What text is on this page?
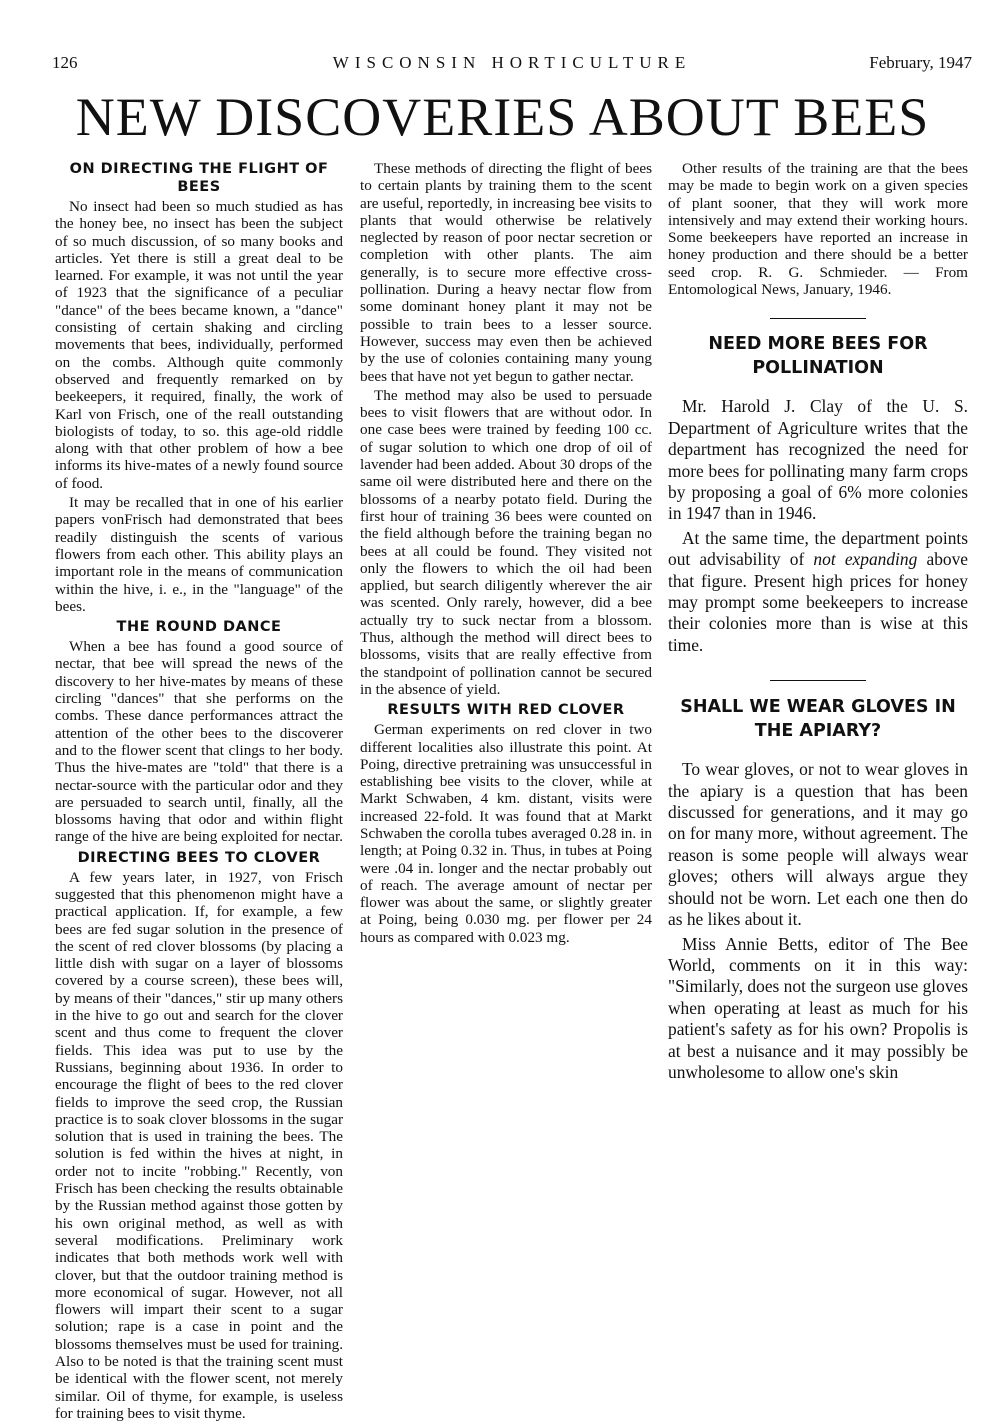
126	WISCONSIN HORTICULTURE	February, 1947
NEW DISCOVERIES ABOUT BEES
ON DIRECTING THE FLIGHT OF BEES

No insect had been so much studied as has the honey bee, no insect has been the subject of so much discussion, of so many books and articles. Yet there is still a great deal to be learned. For example, it was not until the year of 1923 that the significance of a peculiar "dance" of the bees became known, a "dance" consisting of certain shaking and circling movements that bees, individually, performed on the combs. Although quite commonly observed and frequently remarked on by beekeepers, it required, finally, the work of Karl von Frisch, one of the reall outstanding biologists of today, to so. this age-old riddle along with that other problem of how a bee informs its hive-mates of a newly found source of food.

It may be recalled that in one of his earlier papers vonFrisch had demonstrated that bees readily distinguish the scents of various flowers from each other. This ability plays an important role in the means of communication within the hive, i. e., in the "language" of the bees.

THE ROUND DANCE

When a bee has found a good source of nectar, that bee will spread the news of the discovery to her hive-mates by means of these circling "dances" that she performs on the combs. These dance performances attract the attention of the other bees to the discoverer and to the flower scent that clings to her body. Thus the hive-mates are "told" that there is a nectar-source with the particular odor and they are persuaded to search until, finally, all the blossoms having that odor and within flight range of the hive are being exploited for nectar.

DIRECTING BEES TO CLOVER

A few years later, in 1927, von Frisch suggested that this phenomenon might have a practical application. If, for example, a few bees are fed sugar solution in the presence of the scent of red clover blossoms (by placing a little dish with sugar on a layer of blossoms covered by a course screen), these bees will, by means of their "dances," stir up many others in the hive to go out and search for the clover scent and thus come to frequent the clover fields. This idea was put to use by the Russians, beginning about 1936. In order to encourage the flight of bees to the red clover fields to improve the seed crop, the Russian practice is to soak clover blossoms in the sugar solution that is used in training the bees. The solution is fed within the hives at night, in order not to incite "robbing." Recently, von Frisch has been checking the results obtainable by the Russian method against those gotten by his own original method, as well as with several modifications. Preliminary work indicates that both methods work well with clover, but that the outdoor training method is more economical of sugar. However, not all flowers will impart their scent to a sugar solution; rape is a case in point and the blossoms themselves must be used for training. Also to be noted is that the training scent must be identical with the flower scent, not merely similar. Oil of thyme, for example, is useless for training bees to visit thyme.

These methods of directing the flight of bees to certain plants by training them to the scent are useful, reportedly, in increasing bee visits to plants that would otherwise be relatively neglected by reason of poor nectar secretion or completion with other plants. The aim generally, is to secure more effective cross-pollination. During a heavy nectar flow from some dominant honey plant it may not be possible to train bees to a lesser source. However, success may even then be achieved by the use of colonies containing many young bees that have not yet begun to gather nectar.

The method may also be used to persuade bees to visit flowers that are without odor. In one case bees were trained by feeding 100 cc. of sugar solution to which one drop of oil of lavender had been added. About 30 drops of the same oil were distributed here and there on the blossoms of a nearby potato field. During the first hour of training 36 bees were counted on the field although before the training began no bees at all could be found. They visited not only the flowers to which the oil had been applied, but search diligently wherever the air was scented. Only rarely, however, did a bee actually try to suck nectar from a blossom. Thus, although the method will direct bees to blossoms, visits that are really effective from the standpoint of pollination cannot be secured in the absence of yield.

RESULTS WITH RED CLOVER

German experiments on red clover in two different localities also illustrate this point. At Poing, directive pretraining was unsuccessful in establishing bee visits to the clover, while at Markt Schwaben, 4 km. distant, visits were increased 22-fold. It was found that at Markt Schwaben the corolla tubes averaged 0.28 in. in length; at Poing 0.32 in. Thus, in tubes at Poing were .04 in. longer and the nectar probably out of reach. The average amount of nectar per flower was about the same, or slightly greater at Poing, being 0.030 mg. per flower per 24 hours as compared with 0.023 mg.

Other results of the training are that the bees may be made to begin work on a given species of plant sooner, that they will work more intensively and may extend their working hours. Some beekeepers have reported an increase in honey production and there should be a better seed crop. R. G. Schmieder. — From Entomological News, January, 1946.

NEED MORE BEES FOR POLLINATION

Mr. Harold J. Clay of the U. S. Department of Agriculture writes that the department has recognized the need for more bees for pollinating many farm crops by proposing a goal of 6% more colonies in 1947 than in 1946.

At the same time, the department points out advisability of not expanding above that figure. Present high prices for honey may prompt some beekeepers to increase their colonies more than is wise at this time.

SHALL WE WEAR GLOVES IN THE APIARY?

To wear gloves, or not to wear gloves in the apiary is a question that has been discussed for generations, and it may go on for many more, without agreement. The reason is some people will always wear gloves; others will always argue they should not be worn. Let each one then do as he likes about it.

Miss Annie Betts, editor of The Bee World, comments on it in this way: "Similarly, does not the surgeon use gloves when operating at least as much for his patient's safety as for his own? Propolis is at best a nuisance and it may possibly be unwholesome to allow one's skin
